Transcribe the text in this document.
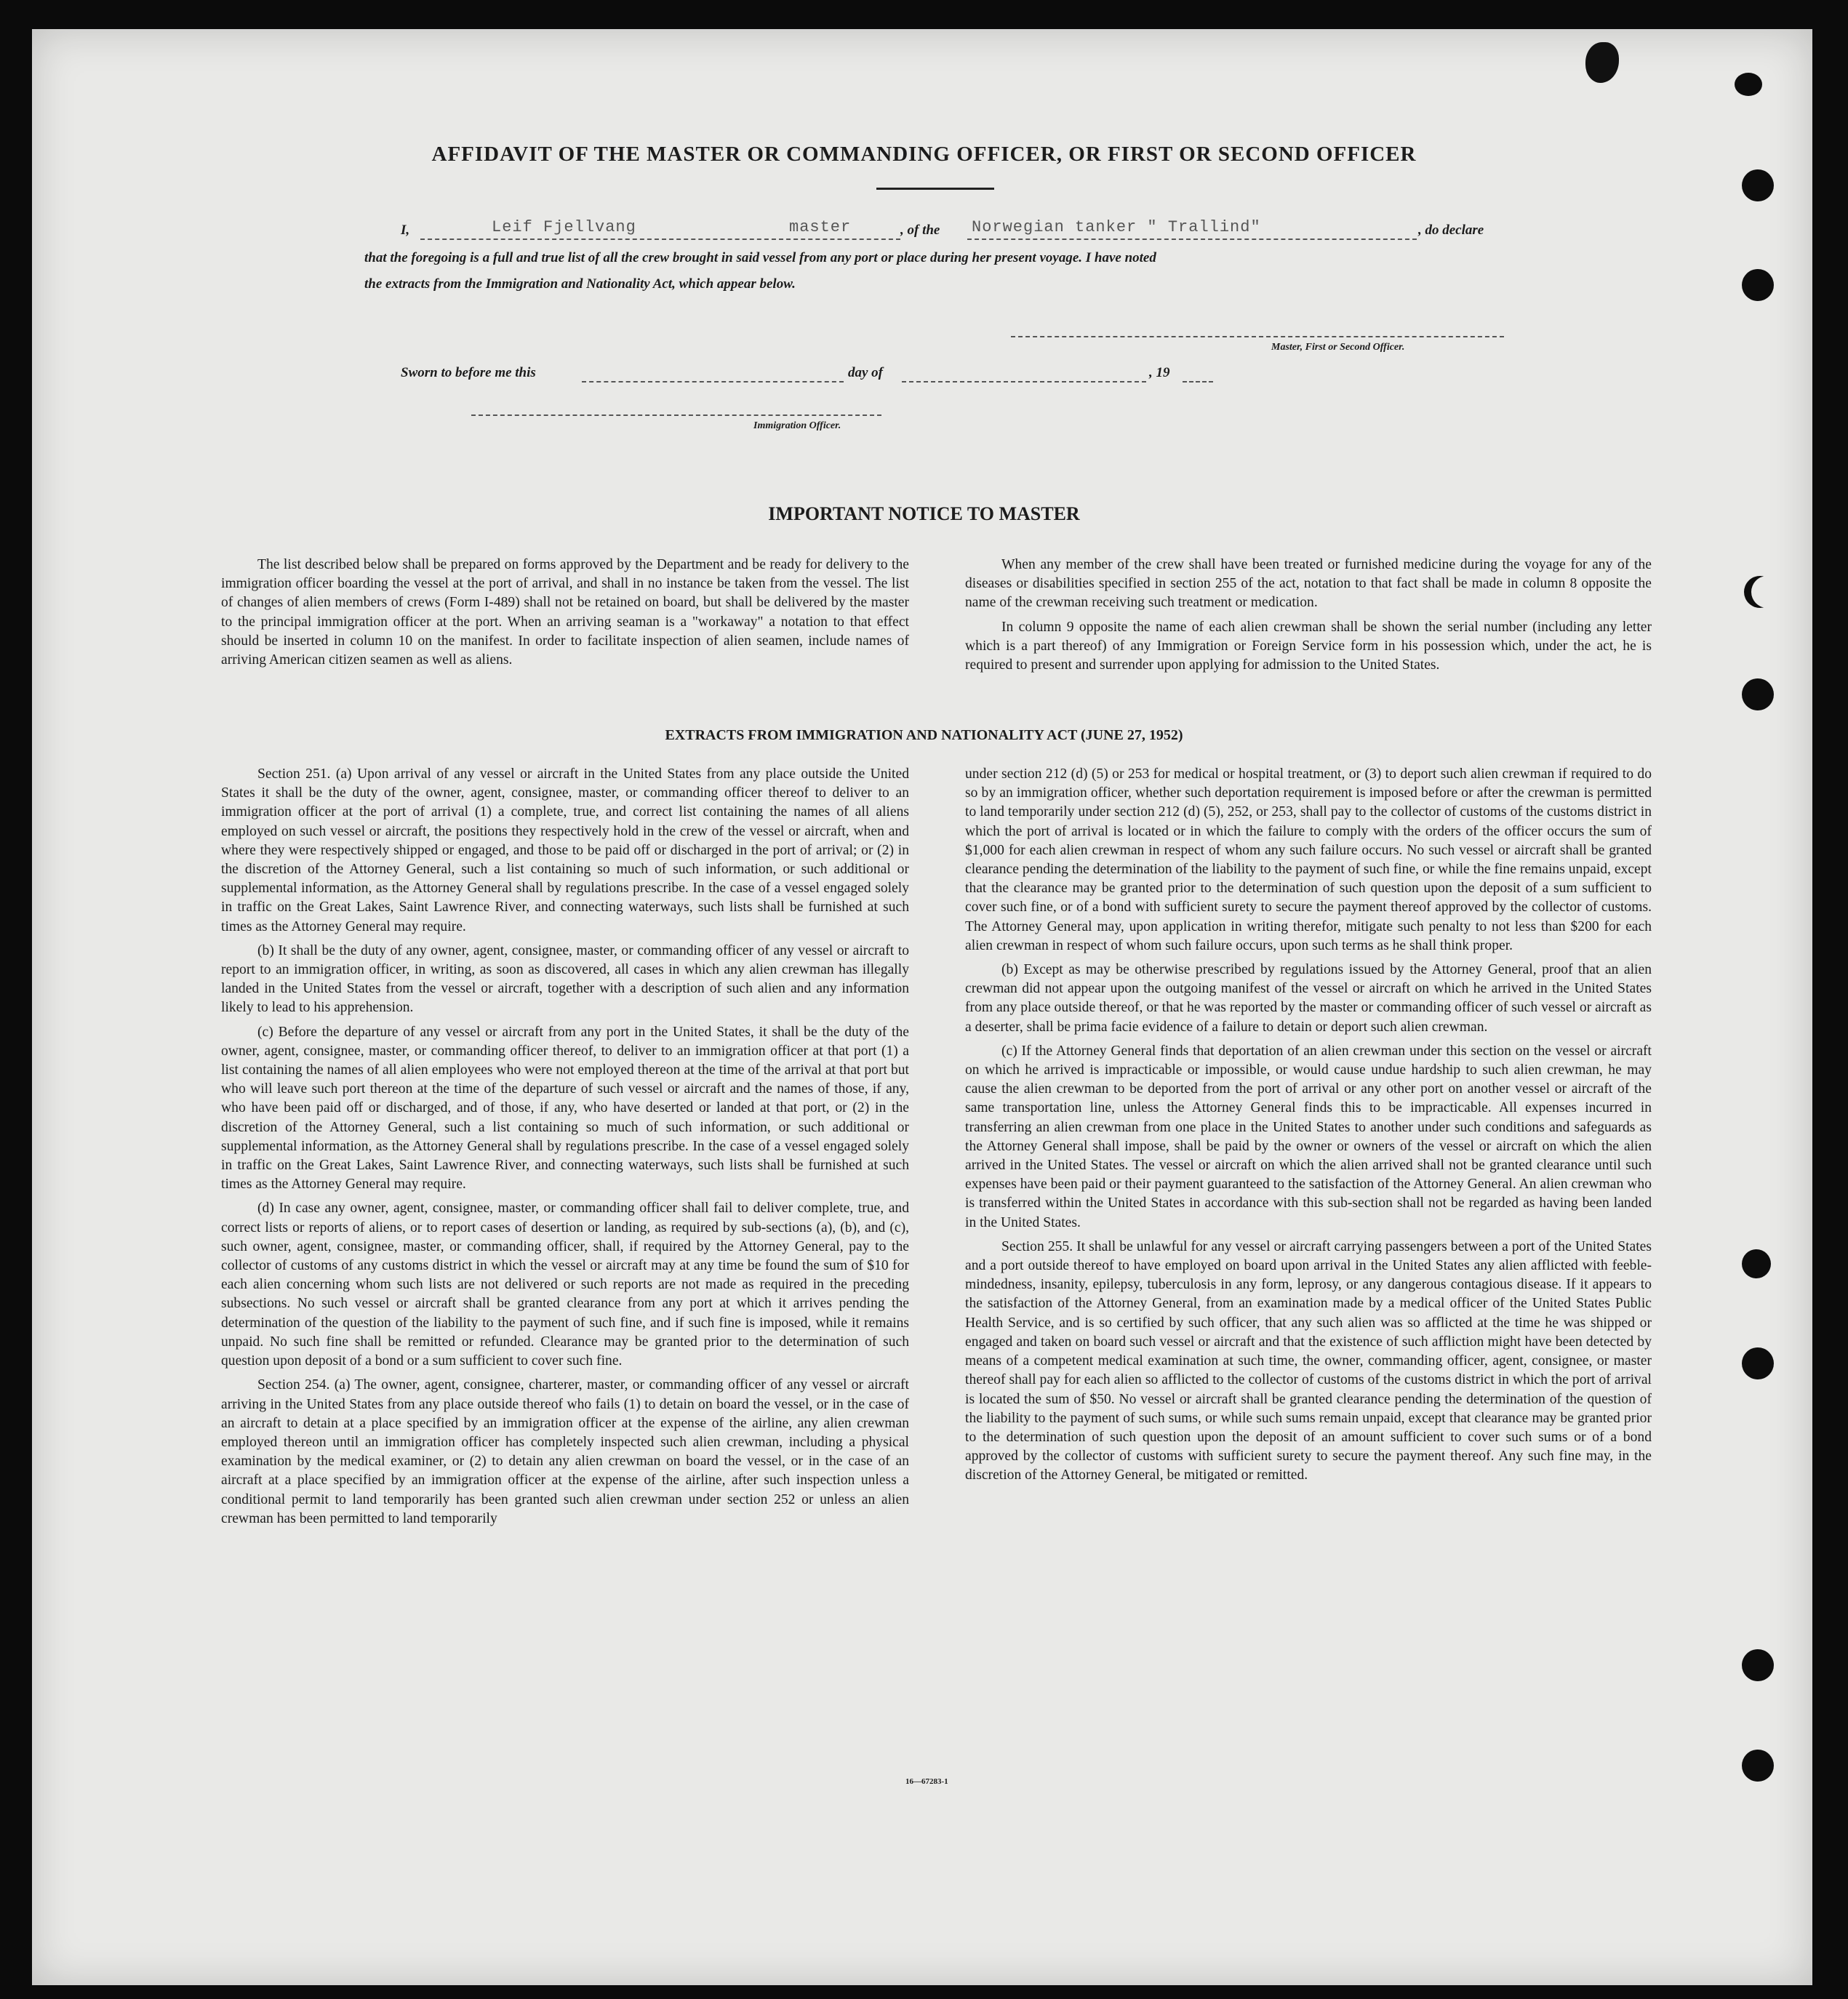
AFFIDAVIT OF THE MASTER OR COMMANDING OFFICER, OR FIRST OR SECOND OFFICER
I,	Leif Fjellvang	master	, of the Norwegian tanker " Trallind"	, do declare
that the foregoing is a full and true list of all the crew brought in said vessel from any port or place during her present voyage. I have noted
the extracts from the Immigration and Nationality Act, which appear below.
Master, First or Second Officer.
Sworn to before me this	day of	, 19
Immigration Officer.
IMPORTANT NOTICE TO MASTER

The list described below shall be prepared on forms approved by the Department and be ready for delivery to the immigration officer boarding the vessel at the port of arrival, and shall in no instance be taken from the vessel. The list of changes of alien members of crews (Form I-489) shall not be retained on board, but shall be delivered by the master to the principal immigration officer at the port. When an arriving seaman is a "workaway" a notation to that effect should be inserted in column 10 on the manifest. In order to facilitate inspection of alien seamen, include names of arriving American citizen seamen as well as aliens.

When any member of the crew shall have been treated or furnished medicine during the voyage for any of the diseases or disabilities specified in section 255 of the act, notation to that fact shall be made in column 8 opposite the name of the crewman receiving such treatment or medication.

In column 9 opposite the name of each alien crewman shall be shown the serial number (including any letter which is a part thereof) of any Immigration or Foreign Service form in his possession which, under the act, he is required to present and surrender upon applying for admission to the United States.

EXTRACTS FROM IMMIGRATION AND NATIONALITY ACT (JUNE 27, 1952)

Section 251. (a) Upon arrival of any vessel or aircraft in the United States from any place outside the United States it shall be the duty of the owner, agent, consignee, master, or commanding officer thereof to deliver to an immigration officer at the port of arrival (1) a complete, true, and correct list containing the names of all aliens employed on such vessel or aircraft, the positions they respectively hold in the crew of the vessel or aircraft, when and where they were respectively shipped or engaged, and those to be paid off or discharged in the port of arrival; or (2) in the discretion of the Attorney General, such a list containing so much of such information, or such additional or supplemental information, as the Attorney General shall by regulations prescribe. In the case of a vessel engaged solely in traffic on the Great Lakes, Saint Lawrence River, and connecting waterways, such lists shall be furnished at such times as the Attorney General may require.

(b) It shall be the duty of any owner, agent, consignee, master, or commanding officer of any vessel or aircraft to report to an immigration officer, in writing, as soon as discovered, all cases in which any alien crewman has illegally landed in the United States from the vessel or aircraft, together with a description of such alien and any information likely to lead to his apprehension.

(c) Before the departure of any vessel or aircraft from any port in the United States, it shall be the duty of the owner, agent, consignee, master, or commanding officer thereof, to deliver to an immigration officer at that port (1) a list containing the names of all alien employees who were not employed thereon at the time of the arrival at that port but who will leave such port thereon at the time of the departure of such vessel or aircraft and the names of those, if any, who have been paid off or discharged, and of those, if any, who have deserted or landed at that port, or (2) in the discretion of the Attorney General, such a list containing so much of such information, or such additional or supplemental information, as the Attorney General shall by regulations prescribe. In the case of a vessel engaged solely in traffic on the Great Lakes, Saint Lawrence River, and connecting waterways, such lists shall be furnished at such times as the Attorney General may require.

(d) In case any owner, agent, consignee, master, or commanding officer shall fail to deliver complete, true, and correct lists or reports of aliens, or to report cases of desertion or landing, as required by sub-sections (a), (b), and (c), such owner, agent, consignee, master, or commanding officer, shall, if required by the Attorney General, pay to the collector of customs of any customs district in which the vessel or aircraft may at any time be found the sum of $10 for each alien concerning whom such lists are not delivered or such reports are not made as required in the preceding subsections. No such vessel or aircraft shall be granted clearance from any port at which it arrives pending the determination of the question of the liability to the payment of such fine, and if such fine is imposed, while it remains unpaid. No such fine shall be remitted or refunded. Clearance may be granted prior to the determination of such question upon deposit of a bond or a sum sufficient to cover such fine.

Section 254. (a) The owner, agent, consignee, charterer, master, or commanding officer of any vessel or aircraft arriving in the United States from any place outside thereof who fails (1) to detain on board the vessel, or in the case of an aircraft to detain at a place specified by an immigration officer at the expense of the airline, any alien crewman employed thereon until an immigration officer has completely inspected such alien crewman, including a physical examination by the medical examiner, or (2) to detain any alien crewman on board the vessel, or in the case of an aircraft at a place specified by an immigration officer at the expense of the airline, after such inspection unless a conditional permit to land temporarily has been granted such alien crewman under section 252 or unless an alien crewman has been permitted to land temporarily

under section 212 (d) (5) or 253 for medical or hospital treatment, or (3) to deport such alien crewman if required to do so by an immigration officer, whether such deportation requirement is imposed before or after the crewman is permitted to land temporarily under section 212 (d) (5), 252, or 253, shall pay to the collector of customs of the customs district in which the port of arrival is located or in which the failure to comply with the orders of the officer occurs the sum of $1,000 for each alien crewman in respect of whom any such failure occurs. No such vessel or aircraft shall be granted clearance pending the determination of the liability to the payment of such fine, or while the fine remains unpaid, except that the clearance may be granted prior to the determination of such question upon the deposit of a sum sufficient to cover such fine, or of a bond with sufficient surety to secure the payment thereof approved by the collector of customs. The Attorney General may, upon application in writing therefor, mitigate such penalty to not less than $200 for each alien crewman in respect of whom such failure occurs, upon such terms as he shall think proper.

(b) Except as may be otherwise prescribed by regulations issued by the Attorney General, proof that an alien crewman did not appear upon the outgoing manifest of the vessel or aircraft on which he arrived in the United States from any place outside thereof, or that he was reported by the master or commanding officer of such vessel or aircraft as a deserter, shall be prima facie evidence of a failure to detain or deport such alien crewman.

(c) If the Attorney General finds that deportation of an alien crewman under this section on the vessel or aircraft on which he arrived is impracticable or impossible, or would cause undue hardship to such alien crewman, he may cause the alien crewman to be deported from the port of arrival or any other port on another vessel or aircraft of the same transportation line, unless the Attorney General finds this to be impracticable. All expenses incurred in transferring an alien crewman from one place in the United States to another under such conditions and safeguards as the Attorney General shall impose, shall be paid by the owner or owners of the vessel or aircraft on which the alien arrived in the United States. The vessel or aircraft on which the alien arrived shall not be granted clearance until such expenses have been paid or their payment guaranteed to the satisfaction of the Attorney General. An alien crewman who is transferred within the United States in accordance with this sub-section shall not be regarded as having been landed in the United States.

Section 255. It shall be unlawful for any vessel or aircraft carrying passengers between a port of the United States and a port outside thereof to have employed on board upon arrival in the United States any alien afflicted with feeble-mindedness, insanity, epilepsy, tuberculosis in any form, leprosy, or any dangerous contagious disease. If it appears to the satisfaction of the Attorney General, from an examination made by a medical officer of the United States Public Health Service, and is so certified by such officer, that any such alien was so afflicted at the time he was shipped or engaged and taken on board such vessel or aircraft and that the existence of such affliction might have been detected by means of a competent medical examination at such time, the owner, commanding officer, agent, consignee, or master thereof shall pay for each alien so afflicted to the collector of customs of the customs district in which the port of arrival is located the sum of $50. No vessel or aircraft shall be granted clearance pending the determination of the question of the liability to the payment of such sums, or while such sums remain unpaid, except that clearance may be granted prior to the determination of such question upon the deposit of an amount sufficient to cover such sums or of a bond approved by the collector of customs with sufficient surety to secure the payment thereof. Any such fine may, in the discretion of the Attorney General, be mitigated or remitted.

16—67283-1
